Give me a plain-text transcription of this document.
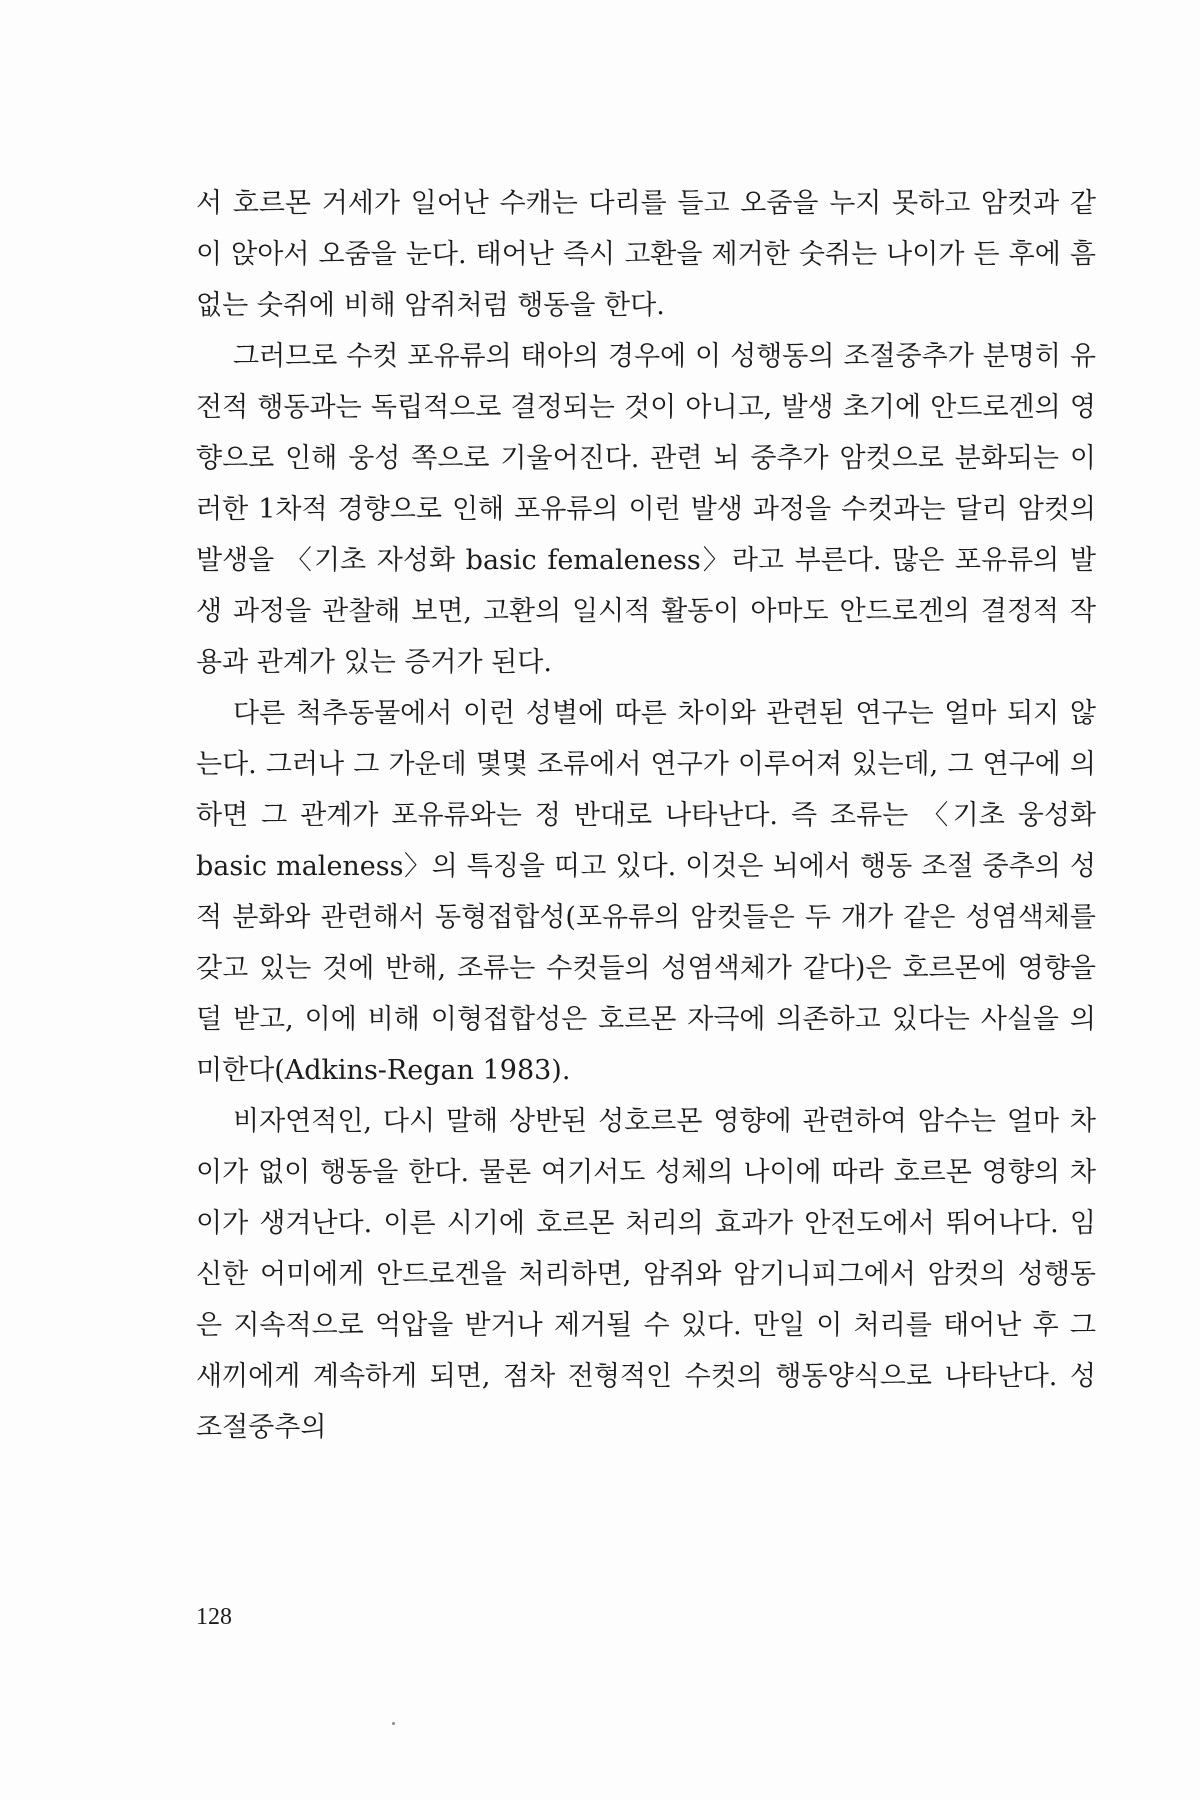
서 호르몬 거세가 일어난 수캐는 다리를 들고 오줌을 누지 못하고 암컷과 같이 앉아서 오줌을 눈다. 태어난 즉시 고환을 제거한 숫쥐는 나이가 든 후에 흠없는 숫쥐에 비해 암쥐처럼 행동을 한다.

그러므로 수컷 포유류의 태아의 경우에 이 성행동의 조절중추가 분명히 유전적 행동과는 독립적으로 결정되는 것이 아니고, 발생 초기에 안드로겐의 영향으로 인해 웅성 쪽으로 기울어진다. 관련 뇌 중추가 암컷으로 분화되는 이러한 1차적 경향으로 인해 포유류의 이런 발생 과정을 수컷과는 달리 암컷의 발생을 〈기초 자성화 basic femaleness〉라고 부른다. 많은 포유류의 발생 과정을 관찰해 보면, 고환의 일시적 활동이 아마도 안드로겐의 결정적 작용과 관계가 있는 증거가 된다.

다른 척추동물에서 이런 성별에 따른 차이와 관련된 연구는 얼마 되지 않는다. 그러나 그 가운데 몇몇 조류에서 연구가 이루어져 있는데, 그 연구에 의하면 그 관계가 포유류와는 정 반대로 나타난다. 즉 조류는 〈기초 웅성화 basic maleness〉의 특징을 띠고 있다. 이것은 뇌에서 행동 조절 중추의 성적 분화와 관련해서 동형접합성(포유류의 암컷들은 두 개가 같은 성염색체를 갖고 있는 것에 반해, 조류는 수컷들의 성염색체가 같다)은 호르몬에 영향을 덜 받고, 이에 비해 이형접합성은 호르몬 자극에 의존하고 있다는 사실을 의미한다(Adkins-Regan 1983).

비자연적인, 다시 말해 상반된 성호르몬 영향에 관련하여 암수는 얼마 차이가 없이 행동을 한다. 물론 여기서도 성체의 나이에 따라 호르몬 영향의 차이가 생겨난다. 이른 시기에 호르몬 처리의 효과가 안전도에서 뛰어나다. 임신한 어미에게 안드로겐을 처리하면, 암쥐와 암기니피그에서 암컷의 성행동은 지속적으로 억압을 받거나 제거될 수 있다. 만일 이 처리를 태어난 후 그 새끼에게 계속하게 되면, 점차 전형적인 수컷의 행동양식으로 나타난다. 성 조절중추의

128
